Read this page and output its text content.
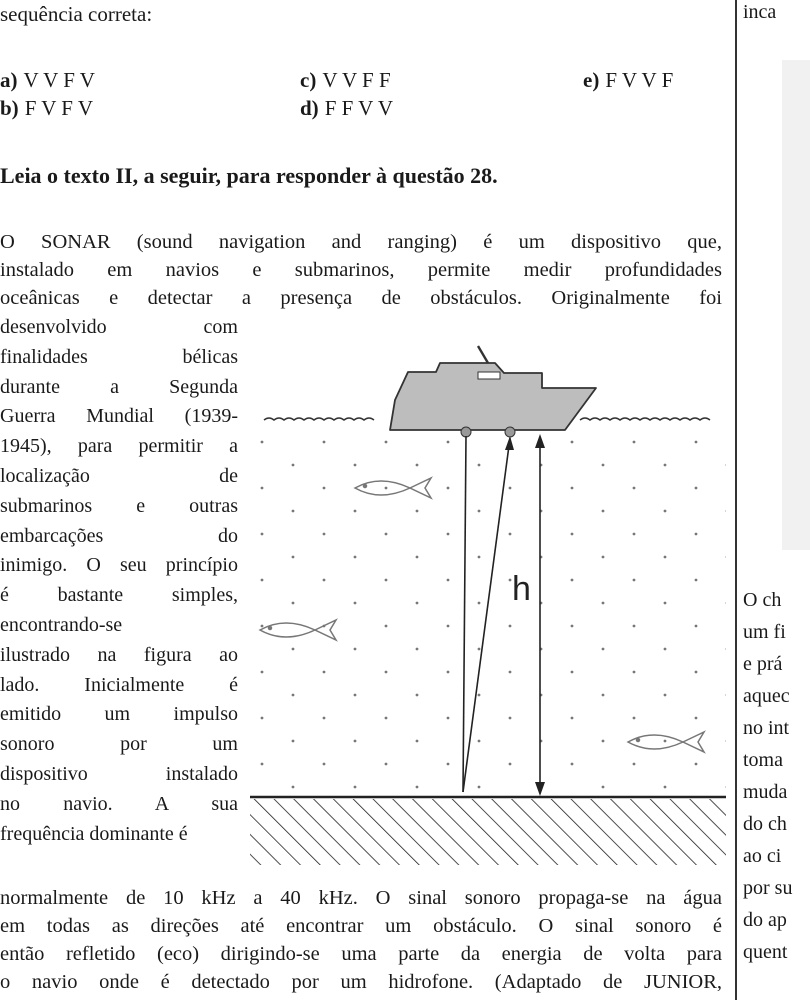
sequência correta:
a) V V F V
b) F V F V
c) V V F F
d) F F V V
e) F V V F
Leia o texto II, a seguir, para responder à questão 28.
O SONAR (sound navigation and ranging) é um dispositivo que,
instalado em navios e submarinos, permite medir profundidades
oceânicas e detectar a presença de obstáculos. Originalmente foi
desenvolvido com
finalidades bélicas
durante a Segunda
Guerra Mundial (1939-
1945), para permitir a
localização de
submarinos e outras
embarcações do
inimigo. O seu princípio
é bastante simples,
encontrando-se
ilustrado na figura ao
lado. Inicialmente é
emitido um impulso
sonoro por um
dispositivo instalado
no navio. A sua
frequência dominante é
h
normalmente de 10 kHz a 40 kHz. O sinal sonoro propaga-se na água
em todas as direções até encontrar um obstáculo. O sinal sonoro é
então refletido (eco) dirigindo-se uma parte da energia de volta para
o navio onde é detectado por um hidrofone. (Adaptado de JUNIOR,
inca
O ch
um fi
e prá
aquec
no int
toma
muda
do ch
ao ci
por su
do ap
quent
